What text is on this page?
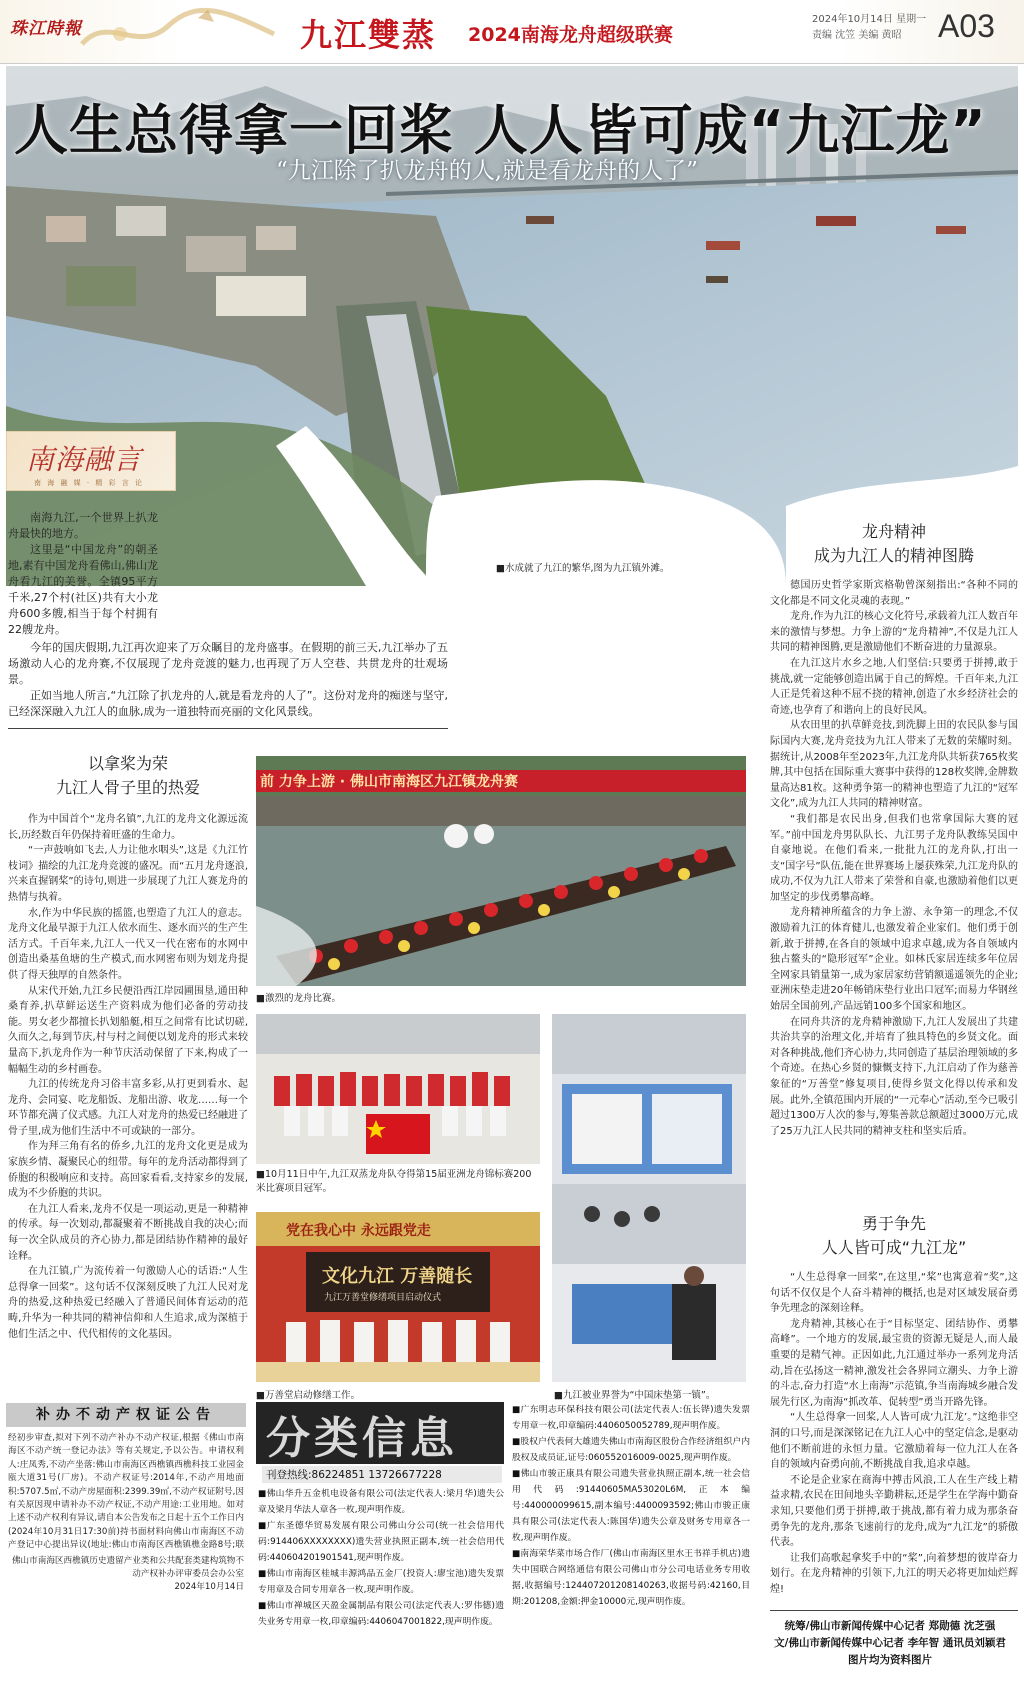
珠江時報	九江雙蒸 2024南海龙舟超级联赛
2024年10月14日 星期一
责编 沈笠 美编 黄昭	A03
人生总得拿一回桨 人人皆可成“九江龙”
“九江除了扒龙舟的人,就是看龙舟的人了”
■水成就了九江的繁华,图为九江镇外滩。
南海融言
南 海 融 媒 · 精 彩 言 论

南海九江,一个世界上扒龙舟最快的地方。

这里是“中国龙舟”的朝圣地,素有中国龙舟看佛山,佛山龙舟看九江的美誉。全镇95平方千米,27个村(社区)共有大小龙舟600多艘,相当于每个村拥有22艘龙舟。

今年的国庆假期,九江再次迎来了万众瞩目的龙舟盛事。在假期的前三天,九江举办了五场激动人心的龙舟赛,不仅展现了龙舟竞渡的魅力,也再现了万人空巷、共贯龙舟的壮观场景。

正如当地人所言,“九江除了扒龙舟的人,就是看龙舟的人了”。这份对龙舟的痴迷与坚守,已经深深融入九江人的血脉,成为一道独特而亮丽的文化风景线。

以拿桨为荣
九江人骨子里的热爱

作为中国首个“龙舟名镇”,九江的龙舟文化源远流长,历经数百年仍保持着旺盛的生命力。

“一声鼓响如飞去,人力让他水咽头”,这是《九江竹枝词》描绘的九江龙舟竞渡的盛况。而“五月龙舟逐浪,兴来直握钢桨”的诗句,则进一步展现了九江人赛龙舟的热情与执着。

水,作为中华民族的摇篮,也塑造了九江人的意志。龙舟文化最早源于九江人依水而生、逐水而兴的生产生活方式。千百年来,九江人一代又一代在密布的水网中创造出桑基鱼塘的生产模式,而水网密布则为划龙舟提供了得天独厚的自然条件。

从宋代开始,九江乡民便沿西江岸园圃围垦,通田种桑育养,扒草鲜运送生产资料成为他们必备的劳动技能。男女老少都擅长扒划船艇,相互之间常有比试切磋,久而久之,每到节庆,村与村之间便以划龙舟的形式来较量高下,扒龙舟作为一种节庆活动保留了下来,构成了一幅幅生动的乡村画卷。

九江的传统龙舟习俗丰富多彩,从打更到看水、起龙舟、会同宴、吃龙船饭、龙船出游、收龙……每一个环节都充满了仪式感。九江人对龙舟的热爱已经融进了骨子里,成为他们生活中不可或缺的一部分。

作为拜三角有名的侨乡,九江的龙舟文化更是成为家族乡情、凝聚民心的纽带。每年的龙舟活动都得到了侨胞的积极响应和支持。高回家看看,支持家乡的发展,成为不少侨胞的共识。

在九江人看来,龙舟不仅是一项运动,更是一种精神的传承。每一次划动,都凝聚着不断挑战自我的决心;而每一次全队成员的齐心协力,都是团结协作精神的最好诠释。

在九江镇,广为流传着一句激励人心的话语:“人生总得拿一回桨”。这句话不仅深刻反映了九江人民对龙舟的热爱,这种热爱已经融入了普通民间体育运动的范畴,升华为一种共同的精神信仰和人生追求,成为深植于他们生活之中、代代相传的文化基因。

前 力争上游 · 佛山市南海区九江镇龙舟赛
■激烈的龙舟比赛。
■10月11日中午,九江双蒸龙舟队夺得第15届亚洲龙舟锦标赛200米比赛项目冠军。
党在我心中 永远跟党走
文化九江 万善随长
九江万善堂修缮项目启动仪式
■万善堂启动修缮工作。	■九江被业界誉为“中国床垫第一镇”。
龙舟精神
成为九江人的精神图腾

德国历史哲学家斯宾格勒曾深刻指出:“各种不同的文化都是不同文化灵魂的表现。”

龙舟,作为九江的核心文化符号,承载着九江人数百年来的激情与梦想。力争上游的“龙舟精神”,不仅是九江人共同的精神图腾,更是激励他们不断奋进的力量源泉。

在九江这片水乡之地,人们坚信:只要勇于拼搏,敢于挑战,就一定能够创造出属于自己的辉煌。千百年来,九江人正是凭着这种不屈不挠的精神,创造了水乡经济社会的奇迹,也孕育了和谐向上的良好民风。

从农田里的扒草鲜竞技,到洗脚上田的农民队参与国际国内大赛,龙舟竞技为九江人带来了无数的荣耀时刻。据统计,从2008年至2023年,九江龙舟队共斩获765枚奖牌,其中包括在国际重大赛事中获得的128枚奖牌,金牌数量高达81枚。这种勇争第一的精神也塑造了九江的“冠军文化”,成为九江人共同的精神财富。

“我们都是农民出身,但我们也常拿国际大赛的冠军。”前中国龙舟男队队长、九江男子龙舟队教练吴国中自豪地说。在他们看来,一批批九江的龙舟队,打出一支“国字号”队伍,能在世界赛场上屡获殊荣,九江龙舟队的成功,不仅为九江人带来了荣誉和自豪,也激励着他们以更加坚定的步伐勇攀高峰。

龙舟精神所蕴含的力争上游、永争第一的理念,不仅激励着九江的体育健儿,也激发着企业家们。他们勇于创新,敢于拼搏,在各自的领域中追求卓越,成为各自领域内独占鳌头的“隐形冠军”企业。如林氏家居连续多年位居全网家具销量第一,成为家居家纺营销额遥遥领先的企业;亚洲床垫走进20年畅销床垫行业出口冠军;而易力华钢丝始居全国前列,产品远销100多个国家和地区。

在同舟共济的龙舟精神激励下,九江人发展出了共建共治共享的治理文化,并培育了独具特色的乡贤文化。面对各种挑战,他们齐心协力,共同创造了基层治理领域的多个奇迹。在热心乡贤的慷慨支持下,九江启动了作为慈善象征的“万善堂”修复项目,使得乡贤文化得以传承和发展。此外,全镇范围内开展的“一元奉心”活动,至今已吸引超过1300万人次的参与,筹集善款总额超过3000万元,成了25万九江人民共同的精神支柱和坚实后盾。

勇于争先
人人皆可成“九江龙”

“人生总得拿一回桨”,在这里,“桨”也寓意着“奖”,这句话不仅仅是个人奋斗精神的概括,也是对区域发展奋勇争先理念的深刻诠释。

龙舟精神,其核心在于“目标坚定、团结协作、勇攀高峰”。一个地方的发展,最宝贵的资源无疑是人,而人最重要的是精气神。正因如此,九江通过举办一系列龙舟活动,旨在弘扬这一精神,激发社会各界同立潮头、力争上游的斗志,奋力打造“水上南海”示范镇,争当南海城乡融合发展先行区,为南海“抓改革、促转型”勇当开路先锋。

“人生总得拿一回桨,人人皆可成‘九江龙’。”这绝非空洞的口号,而是深深铭记在九江人心中的坚定信念,是驱动他们不断前进的永恒力量。它激励着每一位九江人在各自的领域内奋勇向前,不断挑战自我,追求卓越。

不论是企业家在商海中搏击风浪,工人在生产线上精益求精,农民在田间地头辛勤耕耘,还是学生在学海中勤奋求知,只要他们勇于拼搏,敢于挑战,都有着力成为那条奋勇争先的龙舟,那条飞速前行的龙舟,成为“九江龙”的骄傲代表。

让我们高歌起拿奖手中的“桨”,向着梦想的彼岸奋力划行。在龙舟精神的引领下,九江的明天必将更加灿烂辉煌!

统筹/佛山市新闻传媒中心记者 郑勋德 沈芝强
文/佛山市新闻传媒中心记者 李年智 通讯员刘颖君
图片均为资料图片
补办不动产权证公告
经初步审查,拟对下列不动产补办不动产权证,根据《佛山市南海区不动产统一登记办法》等有关规定,予以公告。申请权利人:庄凤秀,不动产坐落:佛山市南海区西樵镇西樵科技工业园金瓯大道31号(厂房)。不动产权证号:2014年,不动产用地面积:5707.5㎡,不动产房屋面积:2399.39㎡,不动产权证附号,因有关原因现申请补办不动产权证,不动产用途:工业用地。如对上述不动产权利有异议,请自本公告发布之日起十五个工作日内(2024年10月31日17:30前)持书面材料向佛山市南海区不动产登记中心提出异议(地址:佛山市南海区西樵镇樵金路8号;联
佛山市南海区西樵镇历史遗留产业类和公共配套类建构筑物不动产权补办评审委员会办公室
2024年10月14日
分类信息
刊登热线:86224851 13726677228

■佛山华升五金机电设备有限公司(法定代表人:梁月华)遗失公章及梁月华法人章各一枚,现声明作废。

■广东圣德华贸易发展有限公司佛山分公司(统一社会信用代码:914406XXXXXXXX)遗失营业执照正副本,统一社会信用代码:440604201901541,现声明作废。

■佛山市南海区桂城丰源鸿品五金厂(投资人:廖宝池)遗失发票专用章及合同专用章各一枚,现声明作废。

■佛山市禅城区天盈金属制品有限公司(法定代表人:罗伟德)遗失业务专用章一枚,印章编码:4406047001822,现声明作废。

■广东明志环保科技有限公司(法定代表人:伍长铧)遗失发票专用章一枚,印章编码:4406050052789,现声明作废。

■股权户代表何大雄遗失佛山市南海区股份合作经济组织户内股权及成员证,证号:06055201600​9-0025,现声明作废。

■佛山市骏正康具有限公司遗失营业执照正副本,统一社会信用代码:91440605MA53020L6M,正本编号:440000099615,副本编号:4400093592;佛山市骏正康具有限公司(法定代表人:陈国华)遗失公章及财务专用章各一枚,现声明作废。

■南海荣华菜市场合作厂(佛山市南海区里水王书祥手机店)遗失中国联合网络通信有限公司佛山市分公司电话业务专用收据,收据编号:12440720120814​0263,收据号码:42160,目期:201208,金额:押金10000元,现声明作废。
